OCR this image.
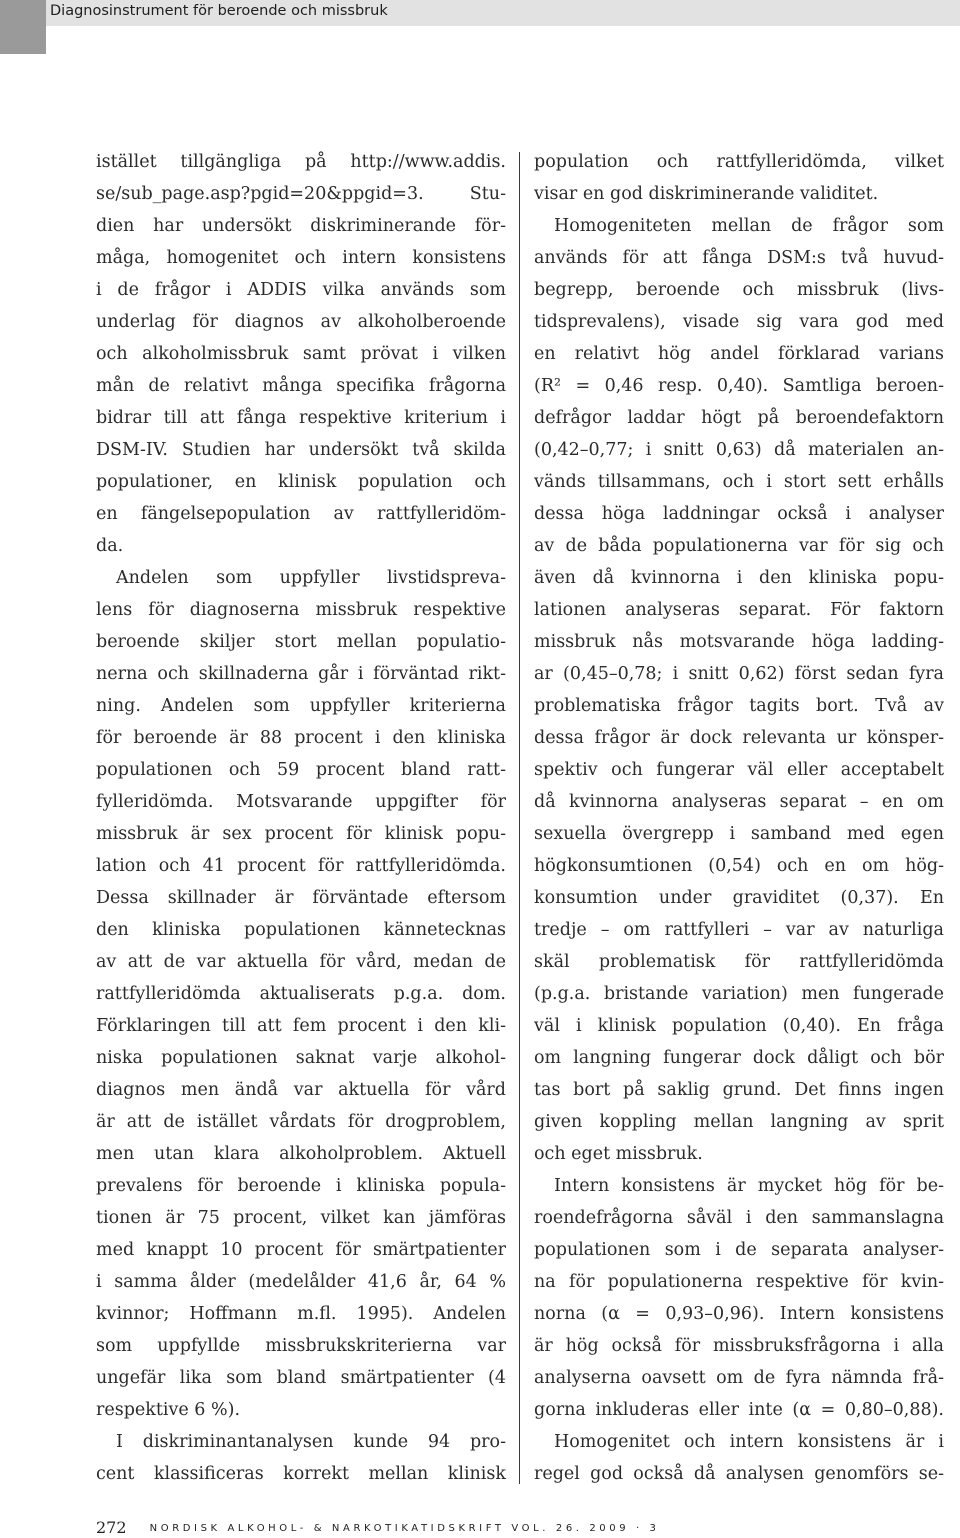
Diagnosinstrument för beroende och missbruk
istället tillgängliga på http://www.addis.
se/sub_page.asp?pgid=20&ppgid=3. Stu-
dien har undersökt diskriminerande för-
måga, homogenitet och intern konsistens
i de frågor i ADDIS vilka används som
underlag för diagnos av alkoholberoende
och alkoholmissbruk samt prövat i vilken
mån de relativt många specifika frågorna
bidrar till att fånga respektive kriterium i
DSM-IV. Studien har undersökt två skilda
populationer, en klinisk population och
en fängelsepopulation av rattfylleridöm-
da.
Andelen som uppfyller livstidspreva-
lens för diagnoserna missbruk respektive
beroende skiljer stort mellan populatio-
nerna och skillnaderna går i förväntad rikt-
ning. Andelen som uppfyller kriterierna
för beroende är 88 procent i den kliniska
populationen och 59 procent bland ratt-
fylleridömda. Motsvarande uppgifter för
missbruk är sex procent för klinisk popu-
lation och 41 procent för rattfylleridömda.
Dessa skillnader är förväntade eftersom
den kliniska populationen kännetecknas
av att de var aktuella för vård, medan de
rattfylleridömda aktualiserats p.g.a. dom.
Förklaringen till att fem procent i den kli-
niska populationen saknat varje alkohol-
diagnos men ändå var aktuella för vård
är att de istället vårdats för drogproblem,
men utan klara alkoholproblem. Aktuell
prevalens för beroende i kliniska popula-
tionen är 75 procent, vilket kan jämföras
med knappt 10 procent för smärtpatienter
i samma ålder (medelålder 41,6 år, 64 %
kvinnor; Hoffmann m.fl. 1995). Andelen
som uppfyllde missbrukskriterierna var
ungefär lika som bland smärtpatienter (4
respektive 6 %).
I diskriminantanalysen kunde 94 pro-
cent klassificeras korrekt mellan klinisk
population och rattfylleridömda, vilket
visar en god diskriminerande validitet.
Homogeniteten mellan de frågor som
används för att fånga DSM:s två huvud-
begrepp, beroende och missbruk (livs-
tidsprevalens), visade sig vara god med
en relativt hög andel förklarad varians
(R² = 0,46 resp. 0,40). Samtliga beroen-
defrågor laddar högt på beroendefaktorn
(0,42–0,77; i snitt 0,63) då materialen an-
vänds tillsammans, och i stort sett erhålls
dessa höga laddningar också i analyser
av de båda populationerna var för sig och
även då kvinnorna i den kliniska popu-
lationen analyseras separat. För faktorn
missbruk nås motsvarande höga ladding-
ar (0,45–0,78; i snitt 0,62) först sedan fyra
problematiska frågor tagits bort. Två av
dessa frågor är dock relevanta ur könsper-
spektiv och fungerar väl eller acceptabelt
då kvinnorna analyseras separat – en om
sexuella övergrepp i samband med egen
högkonsumtionen (0,54) och en om hög-
konsumtion under graviditet (0,37). En
tredje – om rattfylleri – var av naturliga
skäl problematisk för rattfylleridömda
(p.g.a. bristande variation) men fungerade
väl i klinisk population (0,40). En fråga
om langning fungerar dock dåligt och bör
tas bort på saklig grund. Det finns ingen
given koppling mellan langning av sprit
och eget missbruk.
Intern konsistens är mycket hög för be-
roendefrågorna såväl i den sammanslagna
populationen som i de separata analyser-
na för populationerna respektive för kvin-
norna (α = 0,93–0,96). Intern konsistens
är hög också för missbruksfrågorna i alla
analyserna oavsett om de fyra nämnda frå-
gorna inkluderas eller inte (α = 0,80–0,88).
Homogenitet och intern konsistens är i
regel god också då analysen genomförs se-
272 NORDISK ALKOHOL- & NARKOTIKATIDSKRIFT VOL. 26. 2009 · 3
